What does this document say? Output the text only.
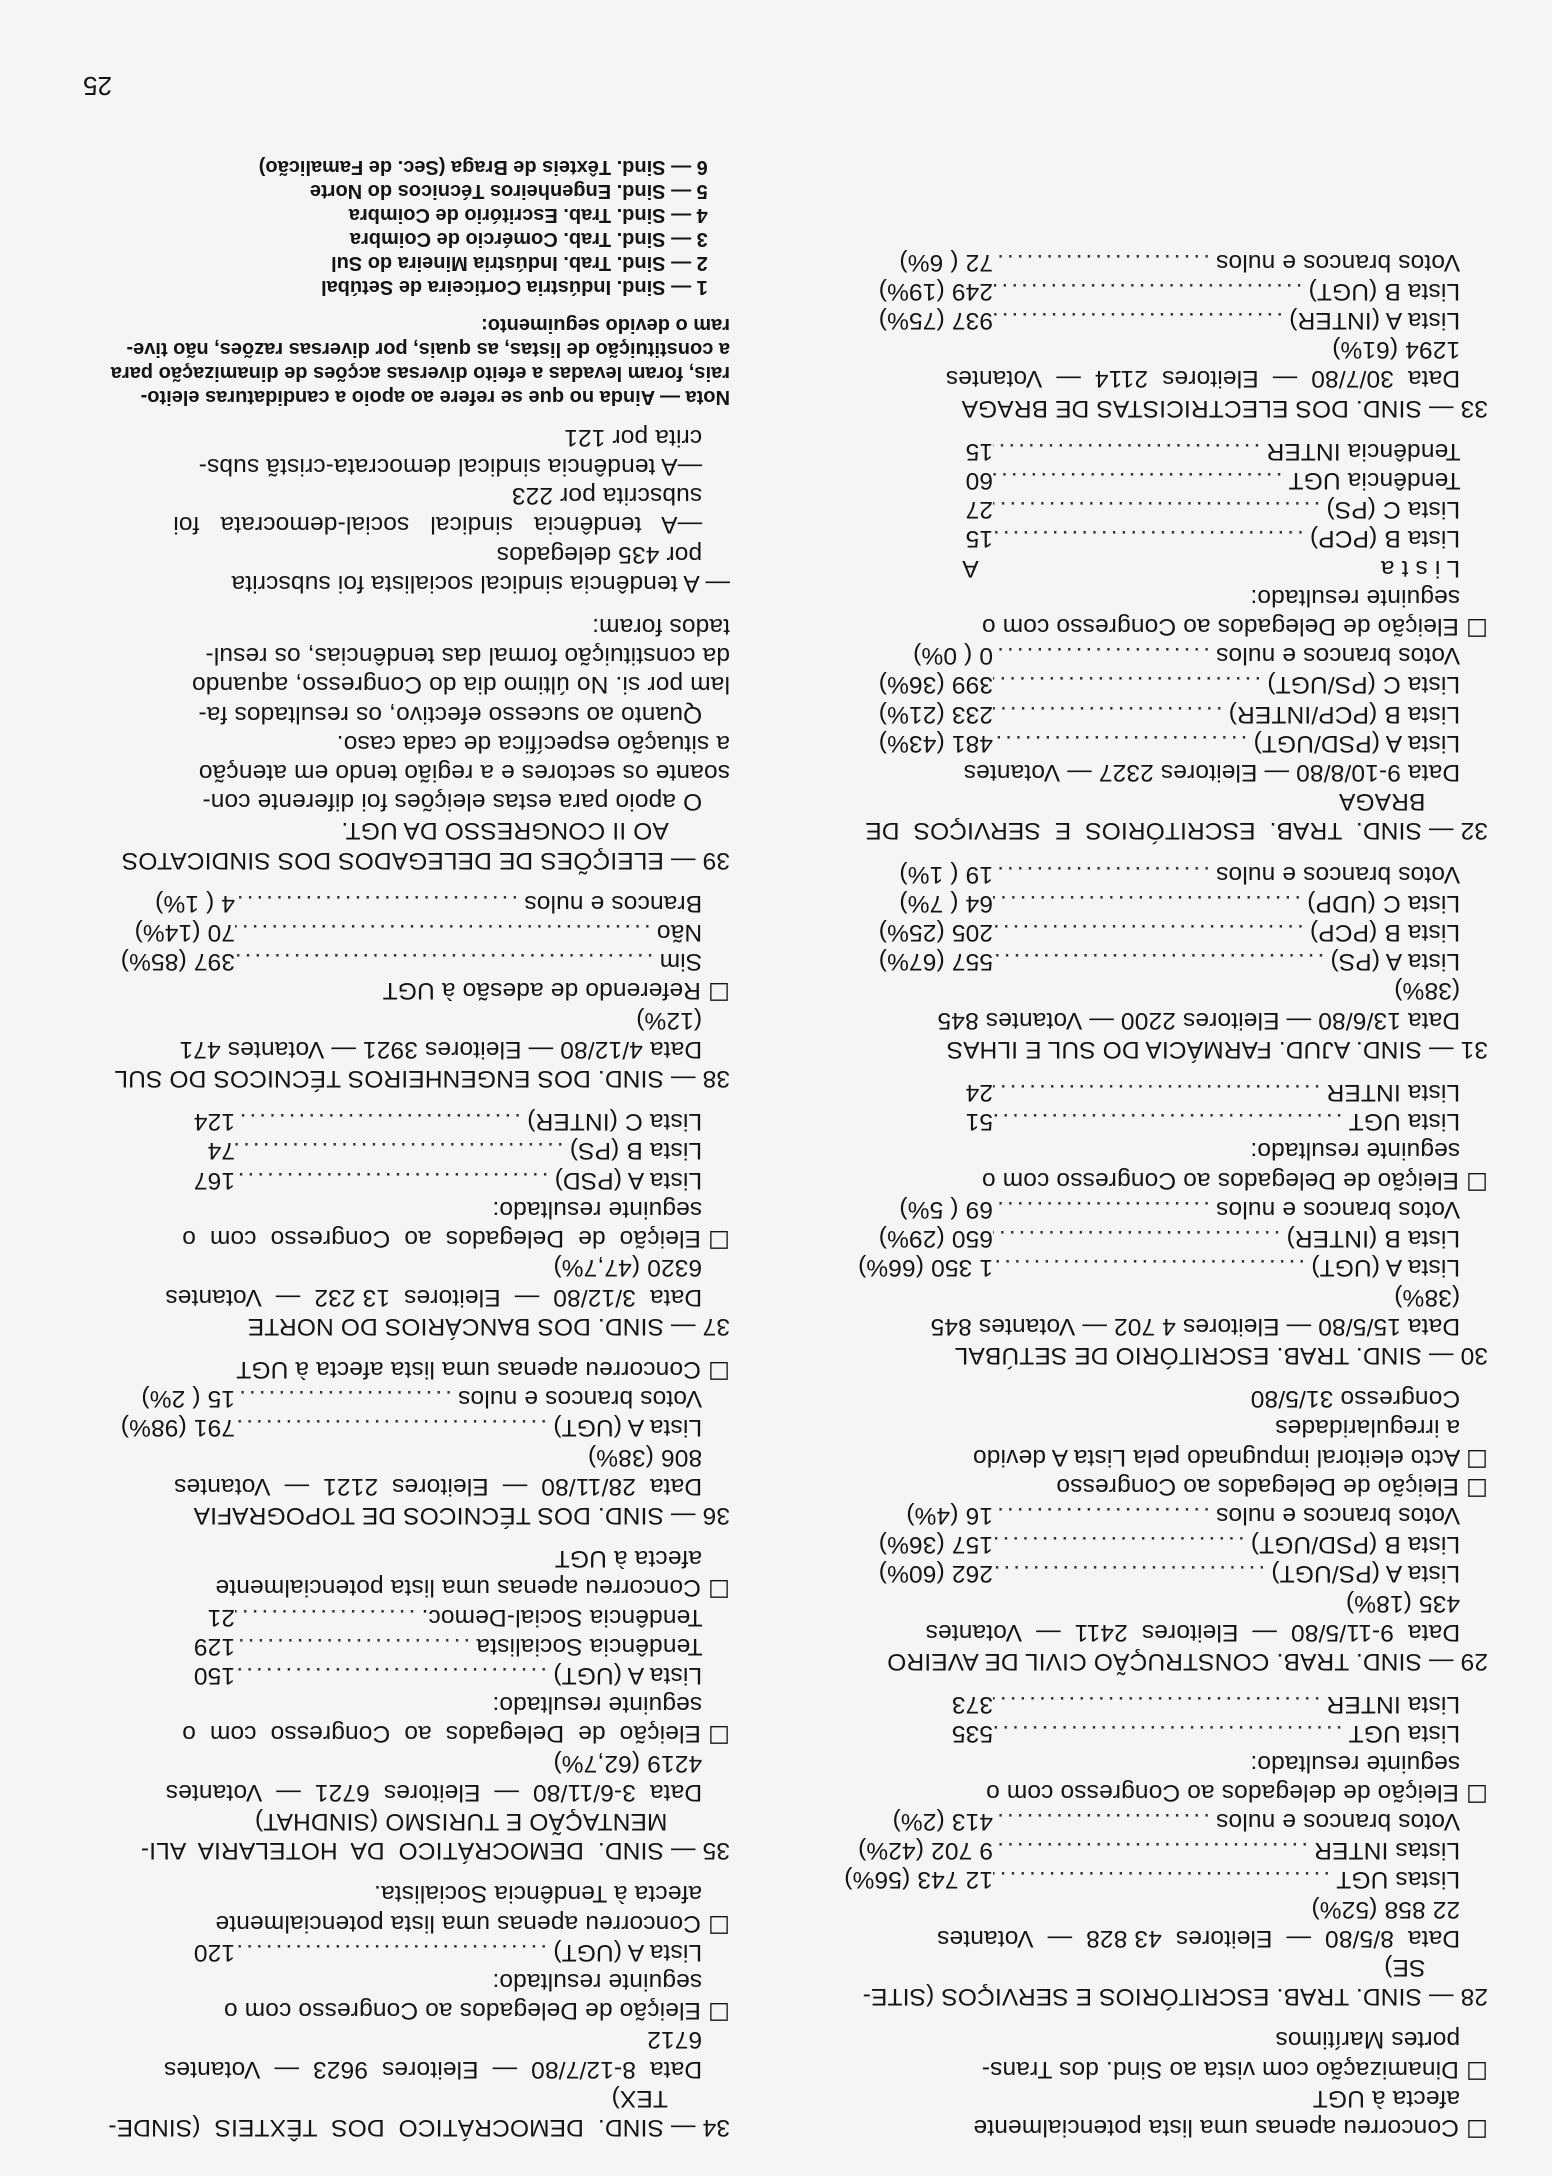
☐ Concorreu apenas uma lista potencialmente
afecta à UGT
☐ Dinamização com vista ao Sind. dos Trans-
portes Marítimos
28 — SIND. TRAB. ESCRITÓRIOS E SERVIÇOS (SITE-
SE)
Data  8/5/80  —  Eleitores  43 828  —  Votantes
22 858 (52%)
Listas UGT
.....
12 743 (56%)
Listas INTER
.....
9 702 (42%)
Votos brancos e nulos
.....
413 (2%)
☐ Eleição de delegados ao Congresso com o
seguinte resultado:
Lista UGT
.....
535
Lista INTER
.....
373
29 — SIND. TRAB. CONSTRUÇÃO CIVIL DE AVEIRO
Data  9-11/5/80  —  Eleitores  2411  —  Votantes
435 (18%)
Lista A (PS/UGT)
.....
262 (60%)
Lista B (PSD/UGT)
.....
157 (36%)
Votos brancos e nulos
.....
16 (4%)
☐ Eleição de Delegados ao Congresso
☐ Acto eleitoral impugnado pela Lista A devido
a irregularidades
Congresso 31/5/80
30 — SIND. TRAB. ESCRITÓRIO DE SETÚBAL
Data 15/5/80 — Eleitores 4 702 — Votantes 845
(38%)
Lista A (UGT)
.....
1 350 (66%)
Lista B (INTER)
.....
650 (29%)
Votos brancos e nulos
.....
69 ( 5%)
☐ Eleição de Delegados ao Congresso com o
seguinte resultado:
Lista UGT
.....
51
Lista INTER
.....
24
31 — SIND. AJUD. FARMÁCIA DO SUL E ILHAS
Data 13/6/80 — Eleitores 2200 — Votantes 845
(38%)
Lista A (PS)
.....
557 (67%)
Lista B (PCP)
.....
205 (25%)
Lista C (UDP)
.....
64 ( 7%)
Votos brancos e nulos
.....
19 ( 1%)
32 — SIND.  TRAB.  ESCRITÓRIOS  E  SERVIÇOS  DE
BRAGA
Data 9-10/8/80 — Eleitores 2327 — Votantes
Lista A (PSD/UGT)
.....
481 (43%)
Lista B (PCP/INTER)
.....
233 (21%)
Lista C (PS/UGT)
.....
399 (36%)
Votos brancos e nulos
.....
0 ( 0%)
☐ Eleição de Delegados ao Congresso com o
seguinte resultado:
L i s t a                                                          A
Lista B (PCP)
.....
15
Lista C (PS)
.....
27
Tendência UGT
.....
60
Tendência INTER
.....
15
33 — SIND. DOS ELECTRICISTAS DE BRAGA
Data  30/7/80  —  Eleitores  2114  —  Votantes
1294 (61%)
Lista A (INTER)
.....
937 (75%)
Lista B (UGT)
.....
249 (19%)
Votos brancos e nulos
.....
72 ( 6%)
34 — SIND.  DEMOCRÁTICO  DOS  TÊXTEIS  (SINDE-
TEX)
Data  8-12/7/80  —  Eleitores  9623  —  Votantes
6712
☐ Eleição de Delegados ao Congresso com o
seguinte resultado:
Lista A (UGT)
.....
120
☐ Concorreu apenas uma lista potencialmente
afecta à Tendência Socialista.
35 — SIND.  DEMOCRÁTICO  DA  HOTELARIA  ALI-
MENTAÇÃO E TURISMO (SINDHAT)
Data  3-6/11/80  —  Eleitores  6721  —  Votantes
4219 (62,7%)
☐ Eleição  de  Delegados  ao  Congresso  com  o
seguinte resultado:
Lista A (UGT)
.....
150
Tendência Socialista
.....
129
Tendência Social-Democ.
.....
21
☐ Concorreu apenas uma lista potencialmente
afecta à UGT
36 — SIND. DOS TÉCNICOS DE TOPOGRAFIA
Data  28/11/80  —  Eleitores  2121  —  Votantes
806 (38%)
Lista A (UGT)
.....
791 (98%)
Votos brancos e nulos
.....
15 ( 2%)
☐ Concorreu apenas uma lista afecta à UGT
37 — SIND. DOS BANCÁRIOS DO NORTE
Data  3/12/80  —  Eleitores  13 232  —  Votantes
6320 (47,7%)
☐ Eleição  de  Delegados  ao  Congresso  com  o
seguinte resultado:
Lista A (PSD)
.....
167
Lista B (PS)
.....
74
Lista C (INTER)
.....
124
38 — SIND. DOS ENGENHEIROS TÉCNICOS DO SUL
Data 4/12/80 — Eleitores 3921 — Votantes 471
(12%)
☐ Referendo de adesão à UGT
Sim
.....
397 (85%)
Não
.....
70 (14%)
Brancos e nulos
.....
4 ( 1%)
39 — ELEIÇÕES DE DELEGADOS DOS SINDICATOS
AO II CONGRESSO DA UGT.
O apoio para estas eleições foi diferente con-
soante os sectores e a região tendo em atenção
a situação específica de cada caso.
Quanto ao sucesso efectivo, os resultados fa-
lam por si. No último dia do Congresso, aquando
da constituição formal das tendências, os resul-
tados foram:
— A tendência sindical socialista foi subscrita
por 435 delegados
—A   tendência   sindical   social-democrata   foi
subscrita por 223
—A tendência sindical democrata-cristã subs-
crita por 121
Nota — Ainda no que se refere ao apoio a candidaturas eleito-
rais, foram levadas a efeito diversas acções de dinamização para
a constituição de listas, as quais, por diversas razões, não tive-
ram o devido seguimento:
1 — Sind. Indústria Corticeira de Setúbal
2 — Sind. Trab. Indústria Mineira do Sul
3 — Sind. Trab. Comércio de Coimbra
4 — Sind. Trab. Escritório de Coimbra
5 — Sind. Engenheiros Técnicos do Norte
6 — Sind. Têxteis de Braga (Sec. de Famalicão)
25
